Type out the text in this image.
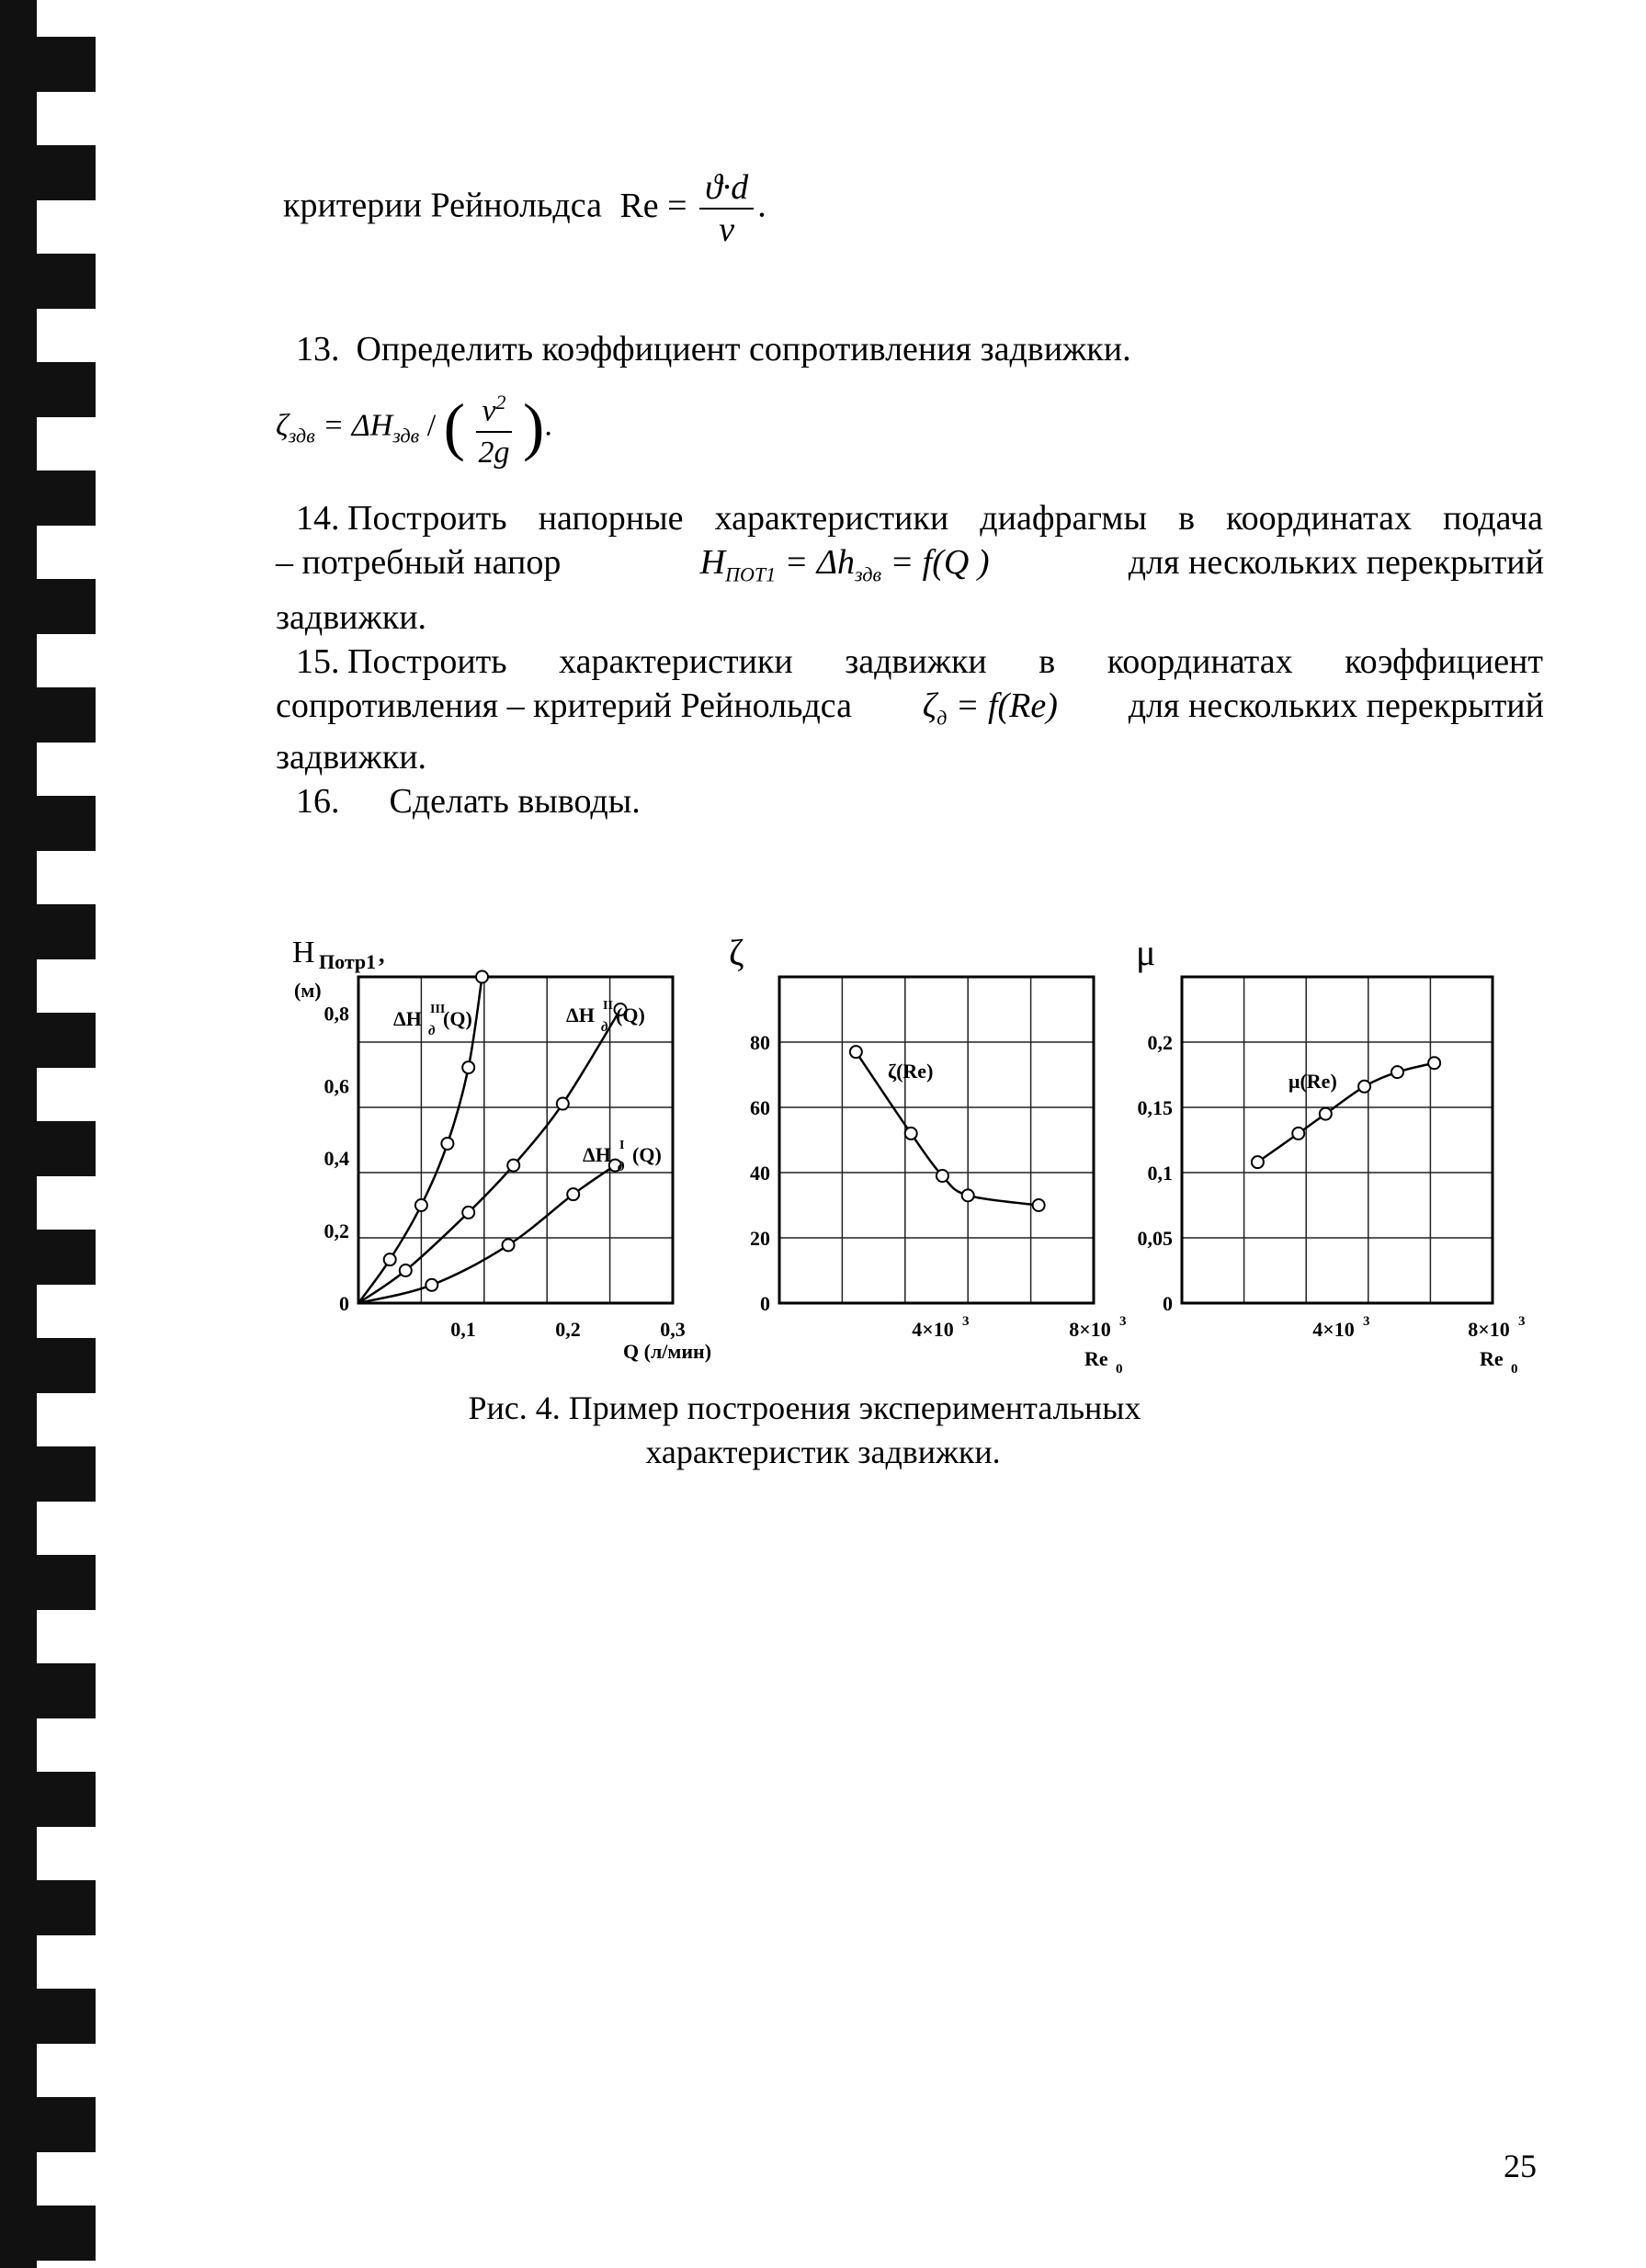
критерии Рейнольдса $Re = \frac{ϑ\cdot d}{\nu}$ .
13. Определить коэффициент сопротивления задвижки.
$\zeta_{здв} = \Delta H_{здв}$ / ( $\frac{\nu^2}{2g}$ ).
14. Построить напорные характеристики диафрагмы в координатах подача
– потребный напор	$H_{ПОТ1} = \Delta h_{здв} = f(Q$ )	для нескольких перекрытий
задвижки.
15. Построить характеристики задвижки в координатах коэффициент
сопротивления – критерий Рейнольдса $\zeta_д = f(Re)$ для нескольких перекрытий
задвижки.
16. Сделать выводы.
0
0,2
0,4
0,6
0,8
0,1	0,2	0,3
H Потр1 ,
(м)
Q (л/мин)
ΔH III
д
(Q)	ΔH II
д
(Q)
ΔH I
д
(Q)
0
20
40
60
80
4×10 3	8×10 3
ζ
Re 0
ζ(Re)
0
0,05
0,1
0,15
0,2
4×10 3	8×10 3
μ
Re 0
μ(Re)
Рис. 4. Пример построения экспериментальных
характеристик задвижки.
25
